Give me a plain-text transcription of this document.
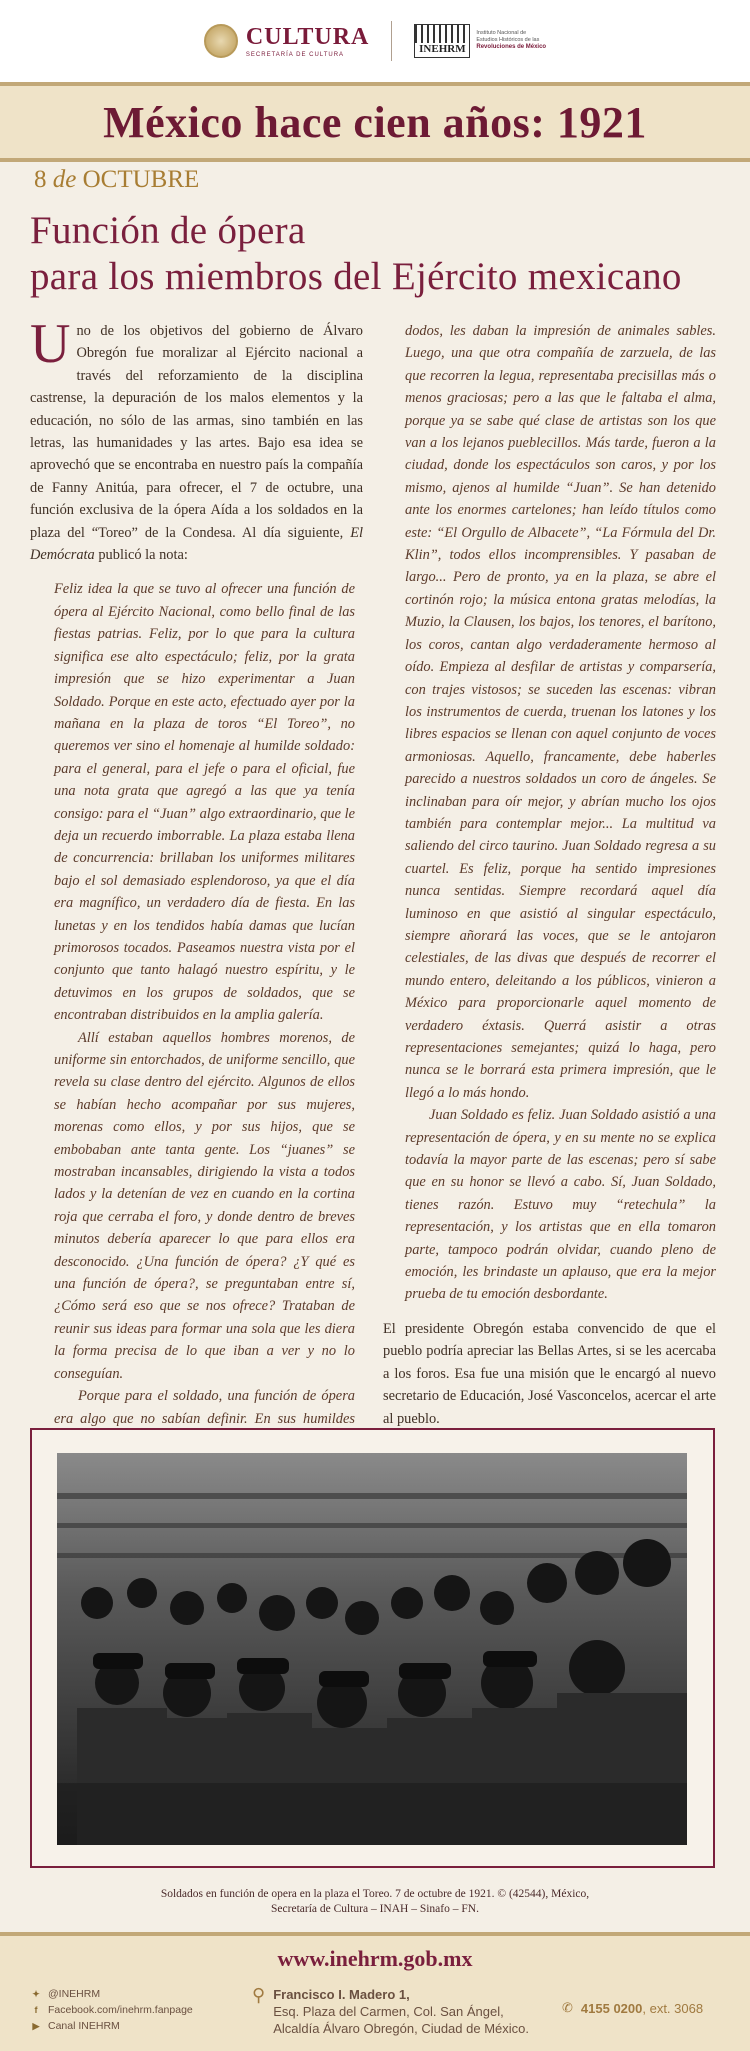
CULTURA
SECRETARÍA DE CULTURA	INEHRM
Instituto Nacional de
Estudios Históricos de las
Revoluciones de México
México hace cien años: 1921
8 de OCTUBRE
Función de ópera
para los miembros del Ejército mexicano

Uno de los objetivos del gobierno de Álvaro Obregón fue moralizar al Ejército nacional a través del reforzamiento de la disciplina castrense, la depuración de los malos elementos y la educación, no sólo de las armas, sino también en las letras, las humanidades y las artes. Bajo esa idea se aprovechó que se encontraba en nuestro país la compañía de Fanny Anitúa, para ofrecer, el 7 de octubre, una función exclusiva de la ópera Aída a los soldados en la plaza del “Toreo” de la Condesa. Al día siguiente, El Demócrata publicó la nota:

Feliz idea la que se tuvo al ofrecer una función de ópera al Ejército Nacional, como bello final de las fiestas patrias. Feliz, por lo que para la cultura significa ese alto espectáculo; feliz, por la grata impresión que se hizo experimentar a Juan Soldado. Porque en este acto, efectuado ayer por la mañana en la plaza de toros “El Toreo”, no queremos ver sino el homenaje al humilde soldado: para el general, para el jefe o para el oficial, fue una nota grata que agregó a las que ya tenía consigo: para el “Juan” algo extraordinario, que le deja un recuerdo imborrable. La plaza estaba llena de concurrencia: brillaban los uniformes militares bajo el sol demasiado esplendoroso, ya que el día era magnífico, un verdadero día de fiesta. En las lunetas y en los tendidos había damas que lucían primorosos tocados. Paseamos nuestra vista por el conjunto que tanto halagó nuestro espíritu, y le detuvimos en los grupos de soldados, que se encontraban distribuidos en la amplia galería.

Allí estaban aquellos hombres morenos, de uniforme sin entorchados, de uniforme sencillo, que revela su clase dentro del ejército. Algunos de ellos se habían hecho acompañar por sus mujeres, morenas como ellos, y por sus hijos, que se embobaban ante tanta gente. Los “juanes” se mostraban incansables, dirigiendo la vista a todos lados y la detenían de vez en cuando en la cortina roja que cerraba el foro, y donde dentro de breves minutos debería aparecer lo que para ellos era desconocido. ¿Una función de ópera? ¿Y qué es una función de ópera?, se preguntaban entre sí, ¿Cómo será eso que se nos ofrece? Trataban de reunir sus ideas para formar una sola que les diera la forma precisa de lo que iban a ver y no lo conseguían.

Porque para el soldado, una función de ópera era algo que no sabían definir. En sus humildes

dodos, les daban la impresión de animales sables. Luego, una que otra compañía de zarzuela, de las que recorren la legua, representaba precisillas más o menos graciosas; pero a las que le faltaba el alma, porque ya se sabe qué clase de artistas son los que van a los lejanos pueblecillos. Más tarde, fueron a la ciudad, donde los espectáculos son caros, y por los mismo, ajenos al humilde “Juan”. Se han detenido ante los enormes cartelones; han leído títulos como este: “El Orgullo de Albacete”, “La Fórmula del Dr. Klin”, todos ellos incomprensibles. Y pasaban de largo... Pero de pronto, ya en la plaza, se abre el cortinón rojo; la música entona gratas melodías, la Muzio, la Clausen, los bajos, los tenores, el barítono, los coros, cantan algo verdaderamente hermoso al oído. Empieza al desfilar de artistas y comparsería, con trajes vistosos; se suceden las escenas: vibran los instrumentos de cuerda, truenan los latones y los libres espacios se llenan con aquel conjunto de voces armoniosas. Aquello, francamente, debe haberles parecido a nuestros soldados un coro de ángeles. Se inclinaban para oír mejor, y abrían mucho los ojos también para contemplar mejor... La multitud va saliendo del circo taurino. Juan Soldado regresa a su cuartel. Es feliz, porque ha sentido impresiones nunca sentidas. Siempre recordará aquel día luminoso en que asistió al singular espectáculo, siempre añorará las voces, que se le antojaron celestiales, de las divas que después de recorrer el mundo entero, deleitando a los públicos, vinieron a México para proporcionarle aquel momento de verdadero éxtasis. Querrá asistir a otras representaciones semejantes; quizá lo haga, pero nunca se le borrará esta primera impresión, que le llegó a lo más hondo.

Juan Soldado es feliz. Juan Soldado asistió a una representación de ópera, y en su mente no se explica todavía la mayor parte de las escenas; pero sí sabe que en su honor se llevó a cabo. Sí, Juan Soldado, tienes razón. Estuvo muy “retechula” la representación, y los artistas que en ella tomaron parte, tampoco podrán olvidar, cuando pleno de emoción, les brindaste un aplauso, que era la mejor prueba de tu emoción desbordante.

El presidente Obregón estaba convencido de que el pueblo podría apreciar las Bellas Artes, si se les acercaba a los foros. Esa fue una misión que le encargó al nuevo secretario de Educación, José Vasconcelos, acercar el arte al pueblo.

Soldados en función de opera en la plaza el Toreo. 7 de octubre de 1921. © (42544), México,
Secretaría de Cultura – INAH – Sinafo – FN.
www.inehrm.gob.mx
✦ @INEHRM
f	Facebook.com/inehrm.fanpage
▶ Canal INEHRM
⚲ Francisco I. Madero 1,
Esq. Plaza del Carmen, Col. San Ángel,
Alcaldía Álvaro Obregón, Ciudad de México.
✆ 4155 0200, ext. 3068
